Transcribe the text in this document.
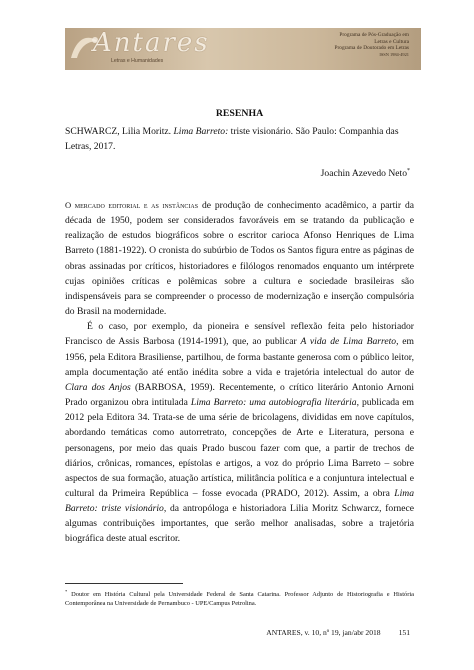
Antares
Letras e Humanidades
Programa de Pós-Graduação em
Letras e Cultura
Programa de Doutorado em Letras
ISSN 1984-4921
RESENHA
SCHWARCZ, Lilia Moritz. Lima Barreto: triste visionário. São Paulo: Companhia das Letras, 2017.
Joachin Azevedo Neto*

O mercado editorial e as instâncias de produção de conhecimento acadêmico, a partir da década de 1950, podem ser considerados favoráveis em se tratando da publicação e realização de estudos biográficos sobre o escritor carioca Afonso Henriques de Lima Barreto (1881-1922). O cronista do subúrbio de Todos os Santos figura entre as páginas de obras assinadas por críticos, historiadores e filólogos renomados enquanto um intérprete cujas opiniões críticas e polêmicas sobre a cultura e sociedade brasileiras são indispensáveis para se compreender o processo de modernização e inserção compulsória do Brasil na modernidade.

É o caso, por exemplo, da pioneira e sensível reflexão feita pelo historiador Francisco de Assis Barbosa (1914-1991), que, ao publicar A vida de Lima Barreto, em 1956, pela Editora Brasiliense, partilhou, de forma bastante generosa com o público leitor, ampla documentação até então inédita sobre a vida e trajetória intelectual do autor de Clara dos Anjos (BARBOSA, 1959). Recentemente, o crítico literário Antonio Arnoni Prado organizou obra intitulada Lima Barreto: uma autobiografia literária, publicada em 2012 pela Editora 34. Trata-se de uma série de bricolagens, divididas em nove capítulos, abordando temáticas como autorretrato, concepções de Arte e Literatura, persona e personagens, por meio das quais Prado buscou fazer com que, a partir de trechos de diários, crônicas, romances, epístolas e artigos, a voz do próprio Lima Barreto – sobre aspectos de sua formação, atuação artística, militância política e a conjuntura intelectual e cultural da Primeira República – fosse evocada (PRADO, 2012). Assim, a obra Lima Barreto: triste visionário, da antropóloga e historiadora Lilia Moritz Schwarcz, fornece algumas contribuições importantes, que serão melhor analisadas, sobre a trajetória biográfica deste atual escritor.

* Doutor em História Cultural pela Universidade Federal de Santa Catarina. Professor Adjunto de Historiografia e História Contemporânea na Universidade de Pernambuco - UPE/Campus Petrolina.
ANTARES, v. 10, nº 19, jan/abr 2018 151
